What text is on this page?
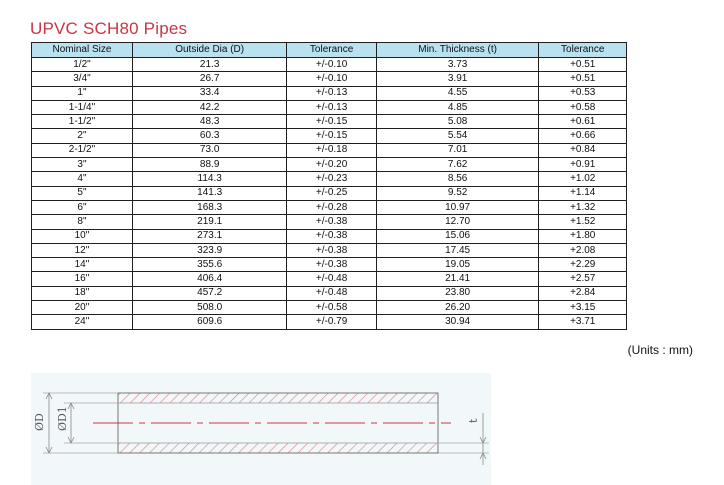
UPVC SCH80 Pipes
Nominal Size	Outside Dia (D)	Tolerance	Min. Thickness (t)	Tolerance
1/2"	21.3	+/-0.10	3.73	+0.51
3/4"	26.7	+/-0.10	3.91	+0.51
1"	33.4	+/-0.13	4.55	+0.53
1-1/4"	42.2	+/-0.13	4.85	+0.58
1-1/2"	48.3	+/-0.15	5.08	+0.61
2"	60.3	+/-0.15	5.54	+0.66
2-1/2"	73.0	+/-0.18	7.01	+0.84
3"	88.9	+/-0.20	7.62	+0.91
4"	114.3	+/-0.23	8.56	+1.02
5"	141.3	+/-0.25	9.52	+1.14
6"	168.3	+/-0.28	10.97	+1.32
8"	219.1	+/-0.38	12.70	+1.52
10"	273.1	+/-0.38	15.06	+1.80
12"	323.9	+/-0.38	17.45	+2.08
14"	355.6	+/-0.38	19.05	+2.29
16"	406.4	+/-0.48	21.41	+2.57
18"	457.2	+/-0.48	23.80	+2.84
20"	508.0	+/-0.58	26.20	+3.15
24"	609.6	+/-0.79	30.94	+3.71
(Units : mm)
ØD ØD1	t
